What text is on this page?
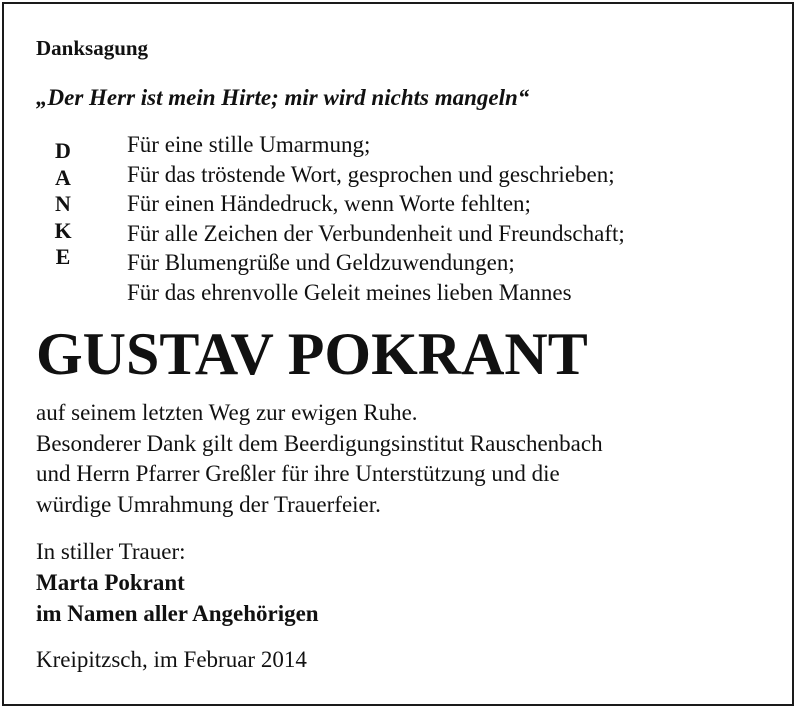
Danksagung
„Der Herr ist mein Hirte; mir wird nichts mangeln“
D
A
N
K
E
Für eine stille Umarmung;
Für das tröstende Wort, gesprochen und geschrieben;
Für einen Händedruck, wenn Worte fehlten;
Für alle Zeichen der Verbundenheit und Freundschaft;
Für Blumengrüße und Geldzuwendungen;
Für das ehrenvolle Geleit meines lieben Mannes
GUSTAV POKRANT
auf seinem letzten Weg zur ewigen Ruhe.
Besonderer Dank gilt dem Beerdigungsinstitut Rauschenbach
und Herrn Pfarrer Greßler für ihre Unterstützung und die
würdige Umrahmung der Trauerfeier.
In stiller Trauer:
Marta Pokrant
im Namen aller Angehörigen
Kreipitzsch, im Februar 2014
